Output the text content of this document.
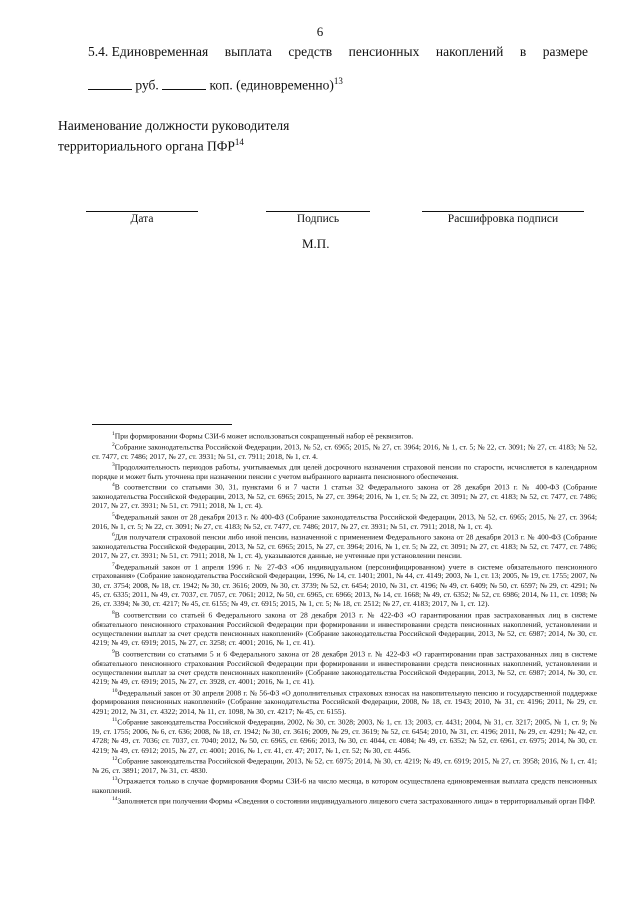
6
5.4. Единовременная выплата средств пенсионных накоплений в размере
руб.	коп. (единовременно)$^{13}$
Наименование должности руководителя
территориального органа ПФР$^{14}$
Дата	Подпись	Расшифровка подписи
М.П.

$^1$При формировании Формы СЗИ-6 может использоваться сокращенный набор её реквизитов.

$^2$Собрание законодательства Российской Федерации, 2013, № 52, ст. 6965; 2015, № 27, ст. 3964; 2016, № 1, ст. 5; № 22, ст. 3091; № 27, ст. 4183; № 52, ст. 7477, ст. 7486; 2017, № 27, ст. 3931; № 51, ст. 7911; 2018, № 1, ст. 4.

$^3$Продолжительность периодов работы, учитываемых для целей досрочного назначения страховой пенсии по старости, исчисляется в календарном порядке и может быть уточнена при назначении пенсии с учетом выбранного варианта пенсионного обеспечения.

$^4$В соответствии со статьями 30, 31, пунктами 6 и 7 части 1 статьи 32 Федерального закона от 28 декабря 2013 г. № 400-ФЗ (Собрание законодательства Российской Федерации, 2013, № 52, ст. 6965; 2015, № 27, ст. 3964; 2016, № 1, ст. 5; № 22, ст. 3091; № 27, ст. 4183; № 52, ст. 7477, ст. 7486; 2017, № 27, ст. 3931; № 51, ст. 7911; 2018, № 1, ст. 4).

$^5$Федеральный закон от 28 декабря 2013 г. № 400-ФЗ (Собрание законодательства Российской Федерации, 2013, № 52, ст. 6965; 2015, № 27, ст. 3964; 2016, № 1, ст. 5; № 22, ст. 3091; № 27, ст. 4183; № 52, ст. 7477, ст. 7486; 2017, № 27, ст. 3931; № 51, ст. 7911; 2018, № 1, ст. 4).

$^6$Для получателя страховой пенсии либо иной пенсии, назначенной с применением Федерального закона от 28 декабря 2013 г. № 400-ФЗ (Собрание законодательства Российской Федерации, 2013, № 52, ст. 6965; 2015, № 27, ст. 3964; 2016, № 1, ст. 5; № 22, ст. 3091; № 27, ст. 4183; № 52, ст. 7477, ст. 7486; 2017, № 27, ст. 3931; № 51, ст. 7911; 2018, № 1, ст. 4), указываются данные, не учтенные при установлении пенсии.

$^7$Федеральный закон от 1 апреля 1996 г. № 27-ФЗ «Об индивидуальном (персонифицированном) учете в системе обязательного пенсионного страхования» (Собрание законодательства Российской Федерации, 1996, № 14, ст. 1401; 2001, № 44, ст. 4149; 2003, № 1, ст. 13; 2005, № 19, ст. 1755; 2007, № 30, ст. 3754; 2008, № 18, ст. 1942; № 30, ст. 3616; 2009, № 30, ст. 3739; № 52, ст. 6454; 2010, № 31, ст. 4196; № 49, ст. 6409; № 50, ст. 6597; № 29, ст. 4291; № 45, ст. 6335; 2011, № 49, ст. 7037, ст. 7057, ст. 7061; 2012, № 50, ст. 6965, ст. 6966; 2013, № 14, ст. 1668; № 49, ст. 6352; № 52, ст. 6986; 2014, № 11, ст. 1098; № 26, ст. 3394; № 30, ст. 4217; № 45, ст. 6155; № 49, ст. 6915; 2015, № 1, ст. 5; № 18, ст. 2512; № 27, ст. 4183; 2017, № 1, ст. 12).

$^8$В соответствии со статьей 6 Федерального закона от 28 декабря 2013 г. № 422-ФЗ «О гарантировании прав застрахованных лиц в системе обязательного пенсионного страхования Российской Федерации при формировании и инвестировании средств пенсионных накоплений, установлении и осуществлении выплат за счет средств пенсионных накоплений» (Собрание законодательства Российской Федерации, 2013, № 52, ст. 6987; 2014, № 30, ст. 4219; № 49, ст. 6919; 2015, № 27, ст. 3258; ст. 4001; 2016, № 1, ст. 41).

$^9$В соответствии со статьями 5 и 6 Федерального закона от 28 декабря 2013 г. № 422-ФЗ «О гарантировании прав застрахованных лиц в системе обязательного пенсионного страхования Российской Федерации при формировании и инвестировании средств пенсионных накоплений, установлении и осуществлении выплат за счет средств пенсионных накоплений» (Собрание законодательства Российской Федерации, 2013, № 52, ст. 6987; 2014, № 30, ст. 4219; № 49, ст. 6919; 2015, № 27, ст. 3928, ст. 4001; 2016, № 1, ст. 41).

$^{10}$Федеральный закон от 30 апреля 2008 г. № 56-ФЗ «О дополнительных страховых взносах на накопительную пенсию и государственной поддержке формирования пенсионных накоплений» (Собрание законодательства Российской Федерации, 2008, № 18, ст. 1943; 2010, № 31, ст. 4196; 2011, № 29, ст. 4291; 2012, № 31, ст. 4322; 2014, № 11, ст. 1098, № 30, ст. 4217; № 45, ст. 6155).

$^{11}$Собрание законодательства Российской Федерации, 2002, № 30, ст. 3028; 2003, № 1, ст. 13; 2003, ст. 4431; 2004, № 31, ст. 3217; 2005, № 1, ст. 9; № 19, ст. 1755; 2006, № 6, ст. 636; 2008, № 18, ст. 1942; № 30, ст. 3616; 2009, № 29, ст. 3619; № 52, ст. 6454; 2010, № 31, ст. 4196; 2011, № 29, ст. 4291; № 42, ст. 4728; № 49, ст. 7036; ст. 7037, ст. 7040; 2012, № 50, ст. 6965, ст. 6966; 2013, № 30, ст. 4044, ст. 4084; № 49, ст. 6352; № 52, ст. 6961, ст. 6975; 2014, № 30, ст. 4219; № 49, ст. 6912; 2015, № 27, ст. 4001; 2016, № 1, ст. 41, ст. 47; 2017, № 1, ст. 52; № 30, ст. 4456.

$^{12}$Собрание законодательства Российской Федерации, 2013, № 52, ст. 6975; 2014, № 30, ст. 4219; № 49, ст. 6919; 2015, № 27, ст. 3958; 2016, № 1, ст. 41; № 26, ст. 3891; 2017, № 31, ст. 4830.

$^{13}$Отражается только в случае формирования Формы СЗИ-6 на число месяца, в котором осуществлена единовременная выплата средств пенсионных накоплений.

$^{14}$Заполняется при получении Формы «Сведения о состоянии индивидуального лицевого счета застрахованного лица» в территориальный орган ПФР.
